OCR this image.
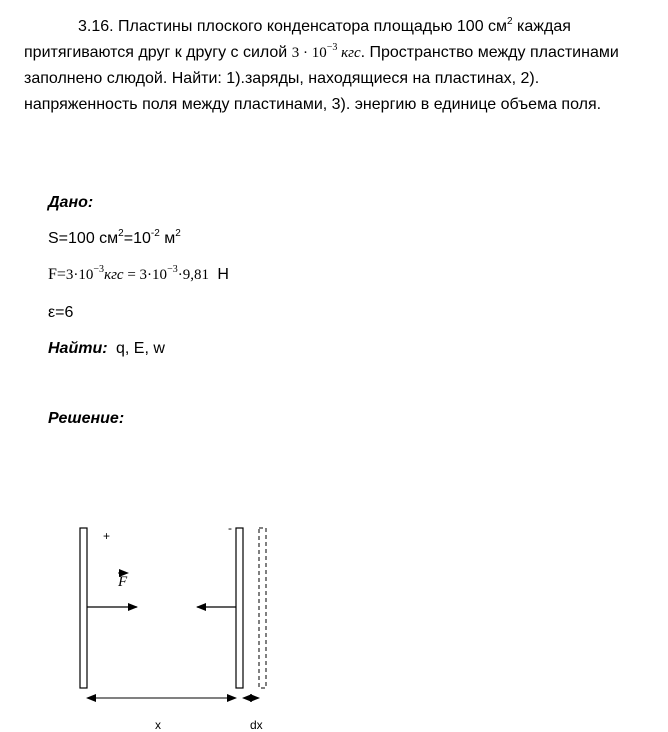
3.16. Пластины плоского конденсатора площадью 100 $см^2$ каждая притягиваются друг к другу с силой $3 \cdot 10^{-3}$ кгс. Пространство между пластинами заполнено слюдой. Найти: 1).заряды, находящиеся на пластинах, 2). напряженность поля между пластинами, 3). энергию в единице объема поля.

Дано:
S=100 $см^2=10^{-2}$ $м^2$
$F=3\cdot 10^{-3}кгс = 3\cdot 10^{-3}\cdot 9,81$ Н
ε=6
Найти: q, E, w
Решение:
F
+
-
x	dx
